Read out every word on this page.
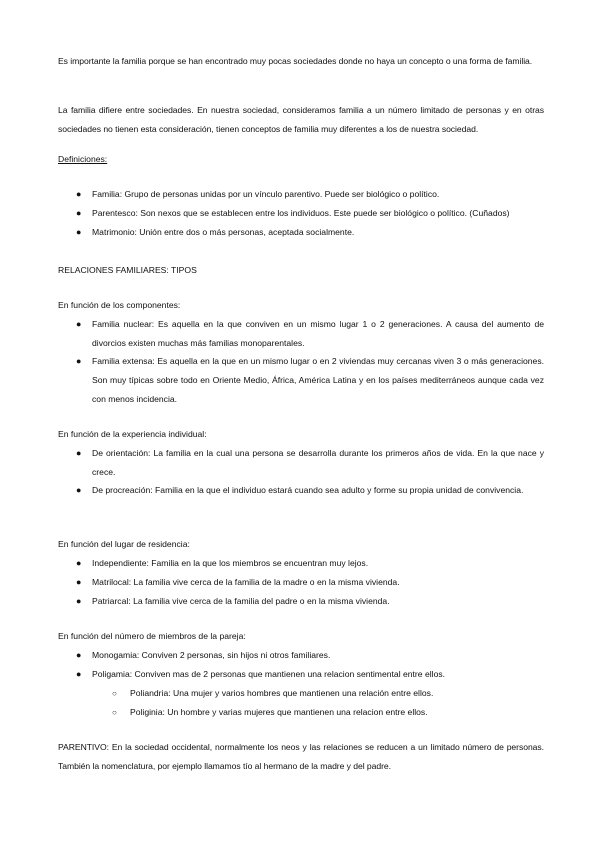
Es importante la familia porque se han encontrado muy pocas sociedades donde no haya un concepto o una forma de familia.
La familia difiere entre sociedades. En nuestra sociedad, consideramos familia a un número limitado de personas y en otras sociedades no tienen esta consideración, tienen conceptos de familia muy diferentes a los de nuestra sociedad.
Definiciones:
● Familia: Grupo de personas unidas por un vínculo parentivo. Puede ser biológico o político.
● Parentesco: Son nexos que se establecen entre los individuos. Este puede ser biológico o político. (Cuñados)
● Matrimonio: Unión entre dos o más personas, aceptada socialmente.
RELACIONES FAMILIARES: TIPOS
En función de los componentes:
● Familia nuclear: Es aquella en la que conviven en un mismo lugar 1 o 2 generaciones. A causa del aumento de divorcios existen muchas más familias monoparentales.
● Familia extensa: Es aquella en la que en un mismo lugar o en 2 viviendas muy cercanas viven 3 o más generaciones. Son muy típicas sobre todo en Oriente Medio, África, América Latina y en los países mediterráneos aunque cada vez con menos incidencia.
En función de la experiencia individual:
● De orientación: La familia en la cual una persona se desarrolla durante los primeros años de vida. En la que nace y crece.
● De procreación: Familia en la que el individuo estará cuando sea adulto y forme su propia unidad de convivencia.
En función del lugar de residencia:
● Independiente: Familia en la que los miembros se encuentran muy lejos.
● Matrilocal: La familia vive cerca de la familia de la madre o en la misma vivienda.
● Patriarcal: La familia vive cerca de la familia del padre o en la misma vivienda.
En función del número de miembros de la pareja:
● Monogamia: Conviven 2 personas, sin hijos ni otros familiares.
● Poligamia: Conviven mas de 2 personas que mantienen una relacion sentimental entre ellos.
○ Poliandria: Una mujer y varios hombres que mantienen una relación entre ellos.
○ Poliginia: Un hombre y varias mujeres que mantienen una relacion entre ellos.
PARENTIVO: En la sociedad occidental, normalmente los neos y las relaciones se reducen a un limitado número de personas. También la nomenclatura, por ejemplo llamamos tío al hermano de la madre y del padre.
